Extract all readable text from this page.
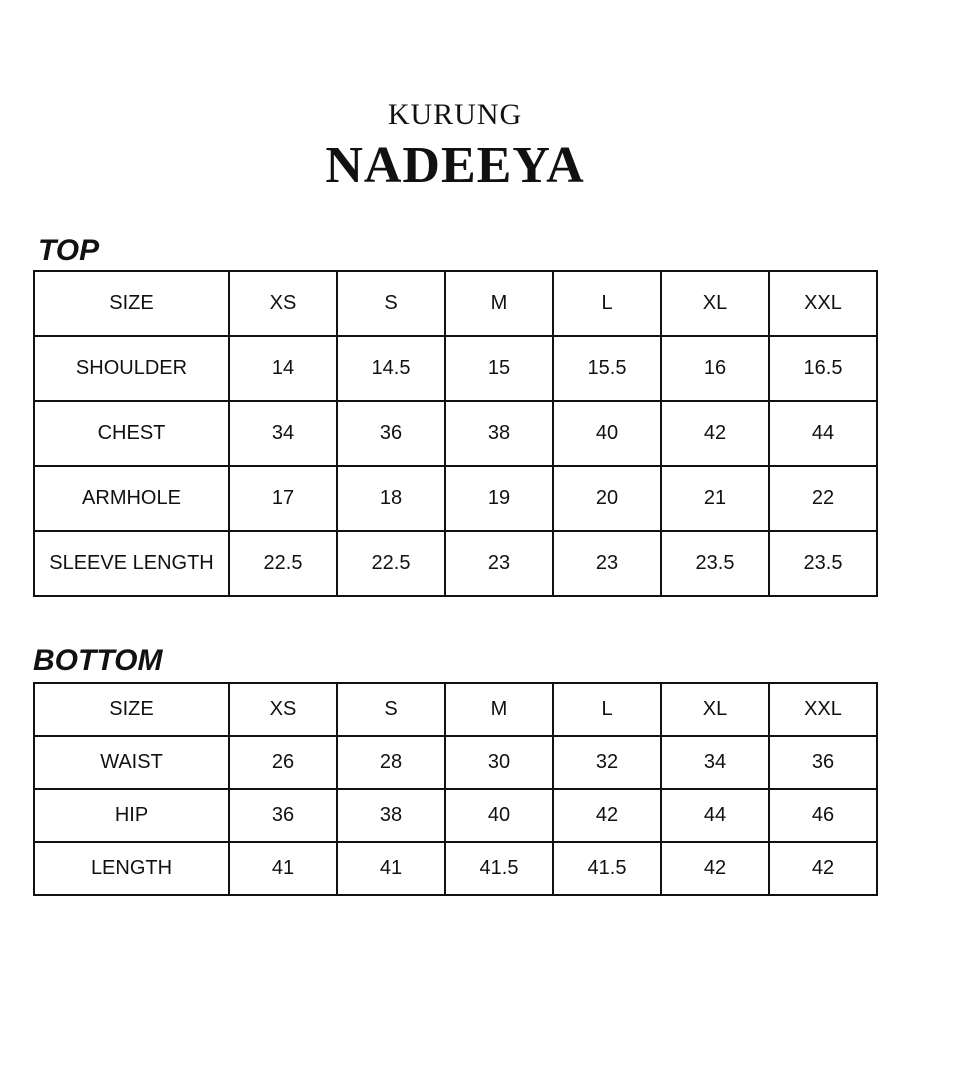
KURUNG
NADEEYA
TOP
SIZE	XS	S	M	L	XL	XXL
SHOULDER	14	14.5	15	15.5	16	16.5
CHEST	34	36	38	40	42	44
ARMHOLE	17	18	19	20	21	22
SLEEVE LENGTH	22.5	22.5	23	23	23.5	23.5
BOTTOM
SIZE	XS	S	M	L	XL	XXL
WAIST	26	28	30	32	34	36
HIP	36	38	40	42	44	46
LENGTH	41	41	41.5	41.5	42	42
